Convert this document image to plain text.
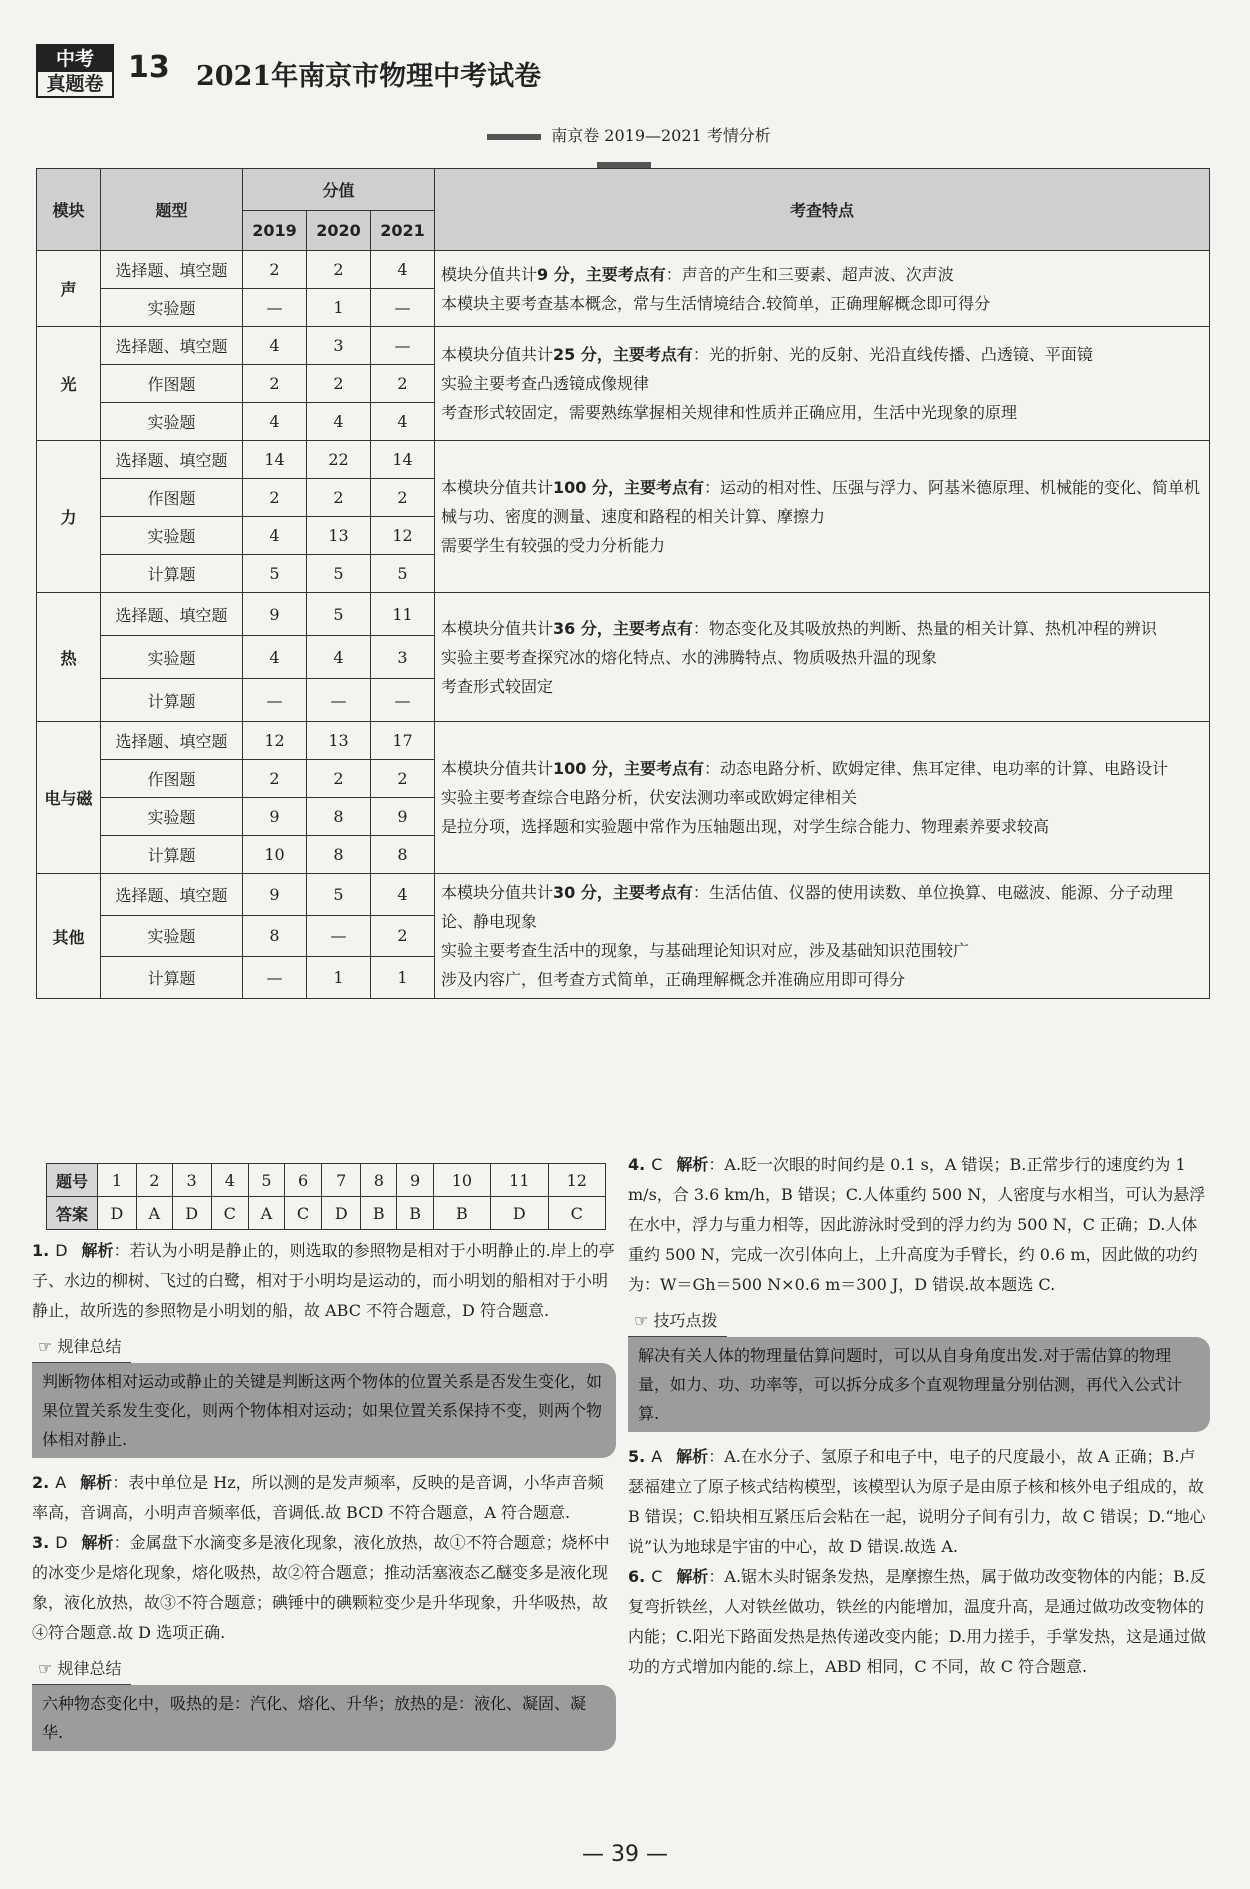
中考
真题卷 13 2021年南京市物理中考试卷
南京卷 2019—2021 考情分析
模块	题型	分值			考查特点
		2019	2020	2021	
声	选择题、填空题	2	2	4	模块分值共计9 分，主要考点有：声音的产生和三要素、超声波、次声波
本模块主要考查基本概念，常与生活情境结合.较简单，正确理解概念即可得分

	实验题	—	1	—	
光	选择题、填空题	4	3	—	本模块分值共计25 分，主要考点有：光的折射、光的反射、光沿直线传播、凸透镜、平面镜
实验主要考查凸透镜成像规律
考查形式较固定，需要熟练掌握相关规律和性质并正确应用，生活中光现象的原理

	作图题	2	2	2	
	实验题	4	4	4	
力	选择题、填空题	14	22	14	本模块分值共计100 分，主要考点有：运动的相对性、压强与浮力、阿基米德原理、机械能的变化、简单机械与功、密度的测量、速度和路程的相关计算、摩擦力
需要学生有较强的受力分析能力

	作图题	2	2	2	
	实验题	4	13	12	
	计算题	5	5	5	
热	选择题、填空题	9	5	11	本模块分值共计36 分，主要考点有：物态变化及其吸放热的判断、热量的相关计算、热机冲程的辨识
实验主要考查探究冰的熔化特点、水的沸腾特点、物质吸热升温的现象
考查形式较固定

	实验题	4	4	3	
	计算题	—	—	—	
电与磁	选择题、填空题	12	13	17	本模块分值共计100 分，主要考点有：动态电路分析、欧姆定律、焦耳定律、电功率的计算、电路设计
实验主要考查综合电路分析，伏安法测功率或欧姆定律相关
是拉分项，选择题和实验题中常作为压轴题出现，对学生综合能力、物理素养要求较高

	作图题	2	2	2	
	实验题	9	8	9	
	计算题	10	8	8	
其他	选择题、填空题	9	5	4	本模块分值共计30 分，主要考点有：生活估值、仪器的使用读数、单位换算、电磁波、能源、分子动理论、静电现象
实验主要考查生活中的现象，与基础理论知识对应，涉及基础知识范围较广
涉及内容广，但考查方式简单，正确理解概念并准确应用即可得分

	实验题	8	—	2	
	计算题	—	1	1	
题号	1	2	3	4	5	6	7	8	9	10	11	12
答案	D	A	D	C	A	C	D	B	B	B	D	C

1. D 解析：若认为小明是静止的，则选取的参照物是相对于小明静止的.岸上的亭子、水边的柳树、飞过的白鹭，相对于小明均是运动的，而小明划的船相对于小明静止，故所选的参照物是小明划的船，故 ABC 不符合题意，D 符合题意.

☞ 规律总结
判断物体相对运动或静止的关键是判断这两个物体的位置关系是否发生变化，如果位置关系发生变化，则两个物体相对运动；如果位置关系保持不变，则两个物体相对静止.

2. A 解析：表中单位是 Hz，所以测的是发声频率，反映的是音调，小华声音频率高，音调高，小明声音频率低，音调低.故 BCD 不符合题意，A 符合题意.

3. D 解析：金属盘下水滴变多是液化现象，液化放热，故①不符合题意；烧杯中的冰变少是熔化现象，熔化吸热，故②符合题意；推动活塞液态乙醚变多是液化现象，液化放热，故③不符合题意；碘锤中的碘颗粒变少是升华现象，升华吸热，故④符合题意.故 D 选项正确.

☞ 规律总结
六种物态变化中，吸热的是：汽化、熔化、升华；放热的是：液化、凝固、凝华.

4. C 解析：A.眨一次眼的时间约是 0.1 s，A 错误；B.正常步行的速度约为 1 m/s，合 3.6 km/h，B 错误；C.人体重约 500 N，人密度与水相当，可认为悬浮在水中，浮力与重力相等，因此游泳时受到的浮力约为 500 N，C 正确；D.人体重约 500 N，完成一次引体向上，上升高度为手臂长，约 0.6 m，因此做的功约为：W＝Gh＝500 N×0.6 m＝300 J，D 错误.故本题选 C.

☞ 技巧点拨
解决有关人体的物理量估算问题时，可以从自身角度出发.对于需估算的物理量，如力、功、功率等，可以拆分成多个直观物理量分别估测，再代入公式计算.

5. A 解析：A.在水分子、氢原子和电子中，电子的尺度最小，故 A 正确；B.卢瑟福建立了原子核式结构模型，该模型认为原子是由原子核和核外电子组成的，故 B 错误；C.铅块相互紧压后会粘在一起，说明分子间有引力，故 C 错误；D.“地心说”认为地球是宇宙的中心，故 D 错误.故选 A.

6. C 解析：A.锯木头时锯条发热，是摩擦生热，属于做功改变物体的内能；B.反复弯折铁丝，人对铁丝做功，铁丝的内能增加，温度升高，是通过做功改变物体的内能；C.阳光下路面发热是热传递改变内能；D.用力搓手，手掌发热，这是通过做功的方式增加内能的.综上，ABD 相同，C 不同，故 C 符合题意.

— 39 —
